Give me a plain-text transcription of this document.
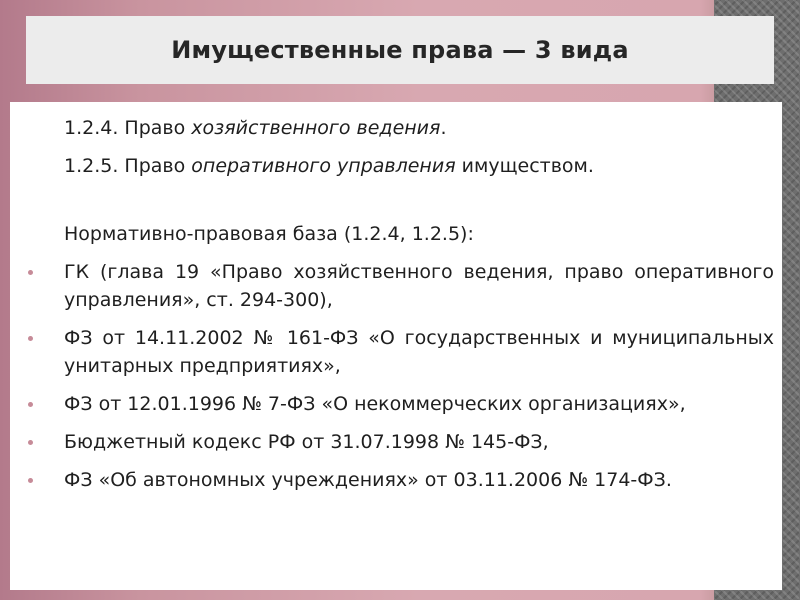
Имущественные права — 3 вида
1.2.4. Право хозяйственного ведения.
1.2.5. Право оперативного управления имуществом.
Нормативно-правовая база (1.2.4, 1.2.5):
ГК (глава 19 «Право хозяйственного ведения, право оперативного управления», ст. 294-300),
ФЗ от 14.11.2002 № 161-ФЗ «О государственных и муниципальных унитарных предприятиях»,
ФЗ от 12.01.1996 № 7-ФЗ «О некоммерческих организациях»,
Бюджетный кодекс РФ от 31.07.1998 № 145-ФЗ,
ФЗ «Об автономных учреждениях» от 03.11.2006 № 174-ФЗ.
